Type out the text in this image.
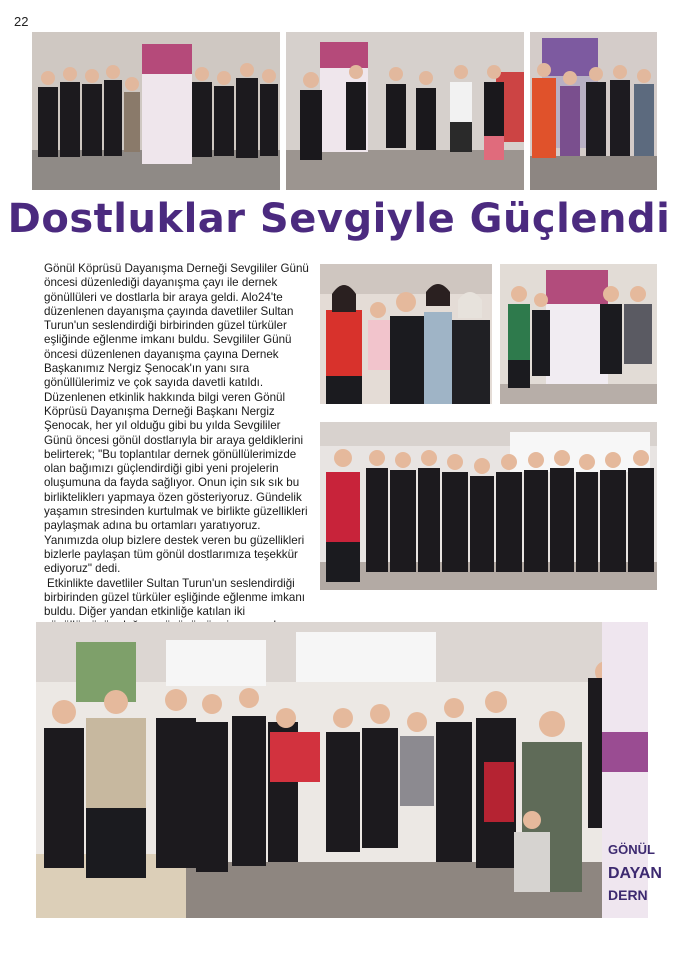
22
Dostluklar Sevgiyle Güçlendi

Gönül Köprüsü Dayanışma Derneği Sevgililer Günü öncesi düzenlediği dayanışma çayı ile dernek gönüllüleri ve dostlarla bir araya geldi. Alo24'te düzenlenen dayanışma çayında davetliler Sultan Turun'un seslendirdiği birbirinden güzel türküler eşliğinde eğlenme imkanı buldu. Sevgililer Günü öncesi düzenlenen dayanışma çayına Dernek Başkanımız Nergiz Şenocak'ın yanı sıra gönüllülerimiz ve çok sayıda davetli katıldı. Düzenlenen etkinlik hakkında bilgi veren Gönül Köprüsü Dayanışma Derneği Başkanı Nergiz Şenocak, her yıl olduğu gibi bu yılda Sevgililer Günü öncesi gönül dostlarıyla bir araya geldiklerini belirterek; "Bu toplantılar dernek gönüllülerimizde olan bağımızı güçlendirdiği gibi yeni projelerin oluşumuna da fayda sağlıyor. Onun için sık sık bu birlikteliklerı yapmaya özen gösteriyoruz. Gündelik yaşamın stresinden kurtulmak ve birlikte güzellikleri paylaşmak adına bu ortamları yaratıyoruz. Yanımızda olup bizlere destek veren bu güzellikleri bizlerle paylaşan tüm gönül dostlarımıza teşekkür ediyoruz" dedi.

Etkinlikte davetliler Sultan Turun'un seslendirdiği birbirinden güzel türküler eşliğinde eğlenme imkanı buldu. Diğer yandan etkinliğe katılan iki

GÖNÜL
DAYAN
DERN
